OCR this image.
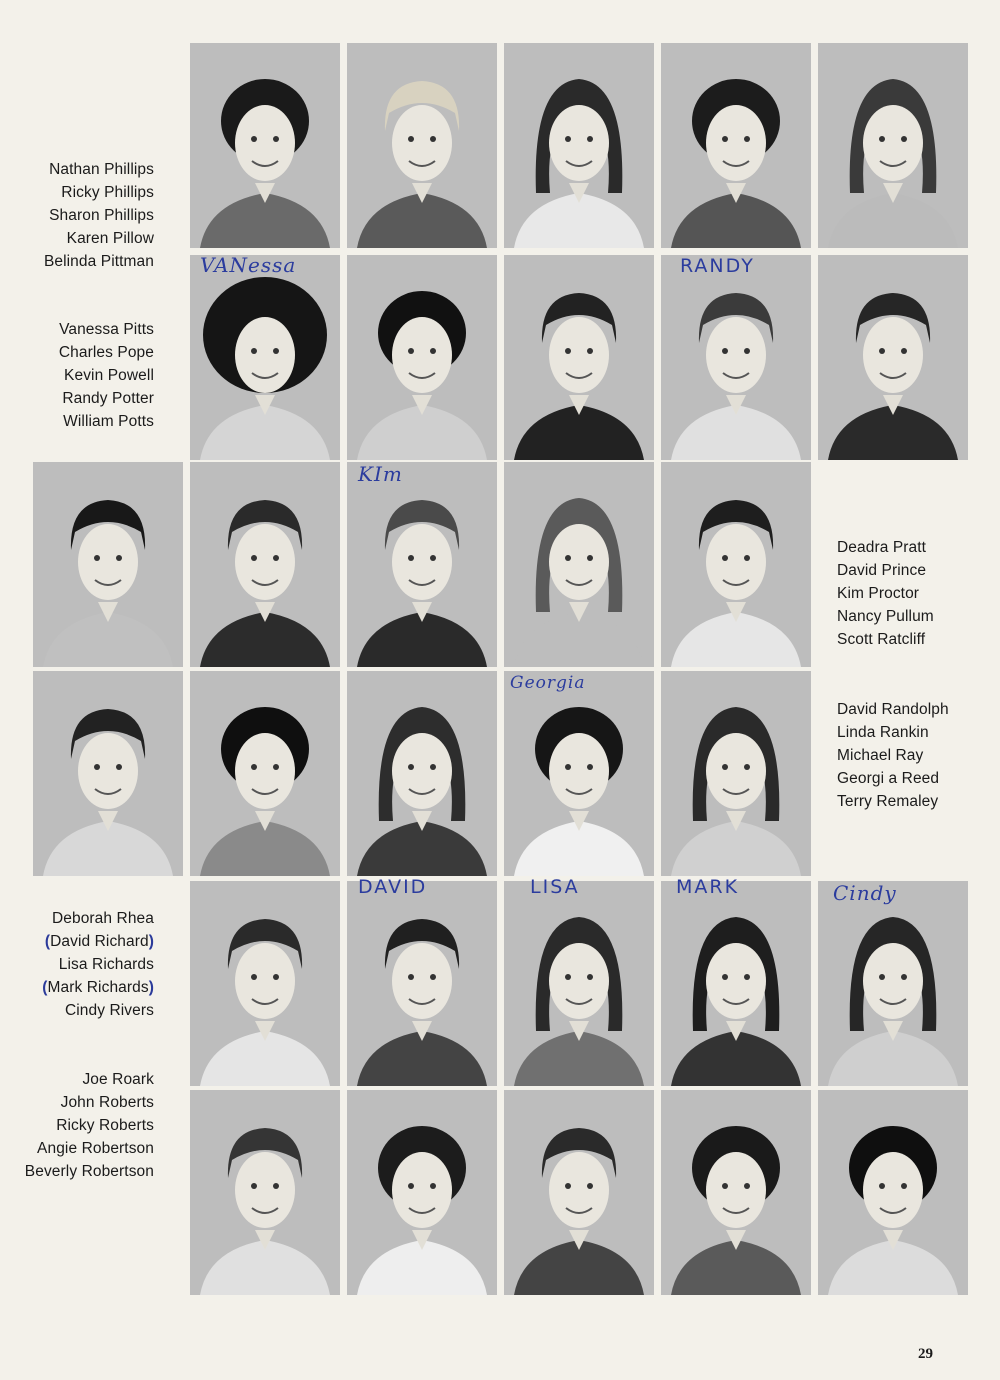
Nathan Phillips
Ricky Phillips
Sharon Phillips
Karen Pillow
Belinda Pittman
Vanessa Pitts
Charles Pope
Kevin Powell
Randy Potter
William Potts
Deadra Pratt
David Prince
Kim Proctor
Nancy Pullum
Scott Ratcliff
David Randolph
Linda Rankin
Michael Ray
Georgi a Reed
Terry Remaley
Deborah Rhea
(David Richard)
Lisa Richards
(Mark Richards)
Cindy Rivers
Joe Roark
John Roberts
Ricky Roberts
Angie Robertson
Beverly Robertson
VANessa	RANDY
KIm
Georgia
DAVID	LISA	MARK	Cindy
29
